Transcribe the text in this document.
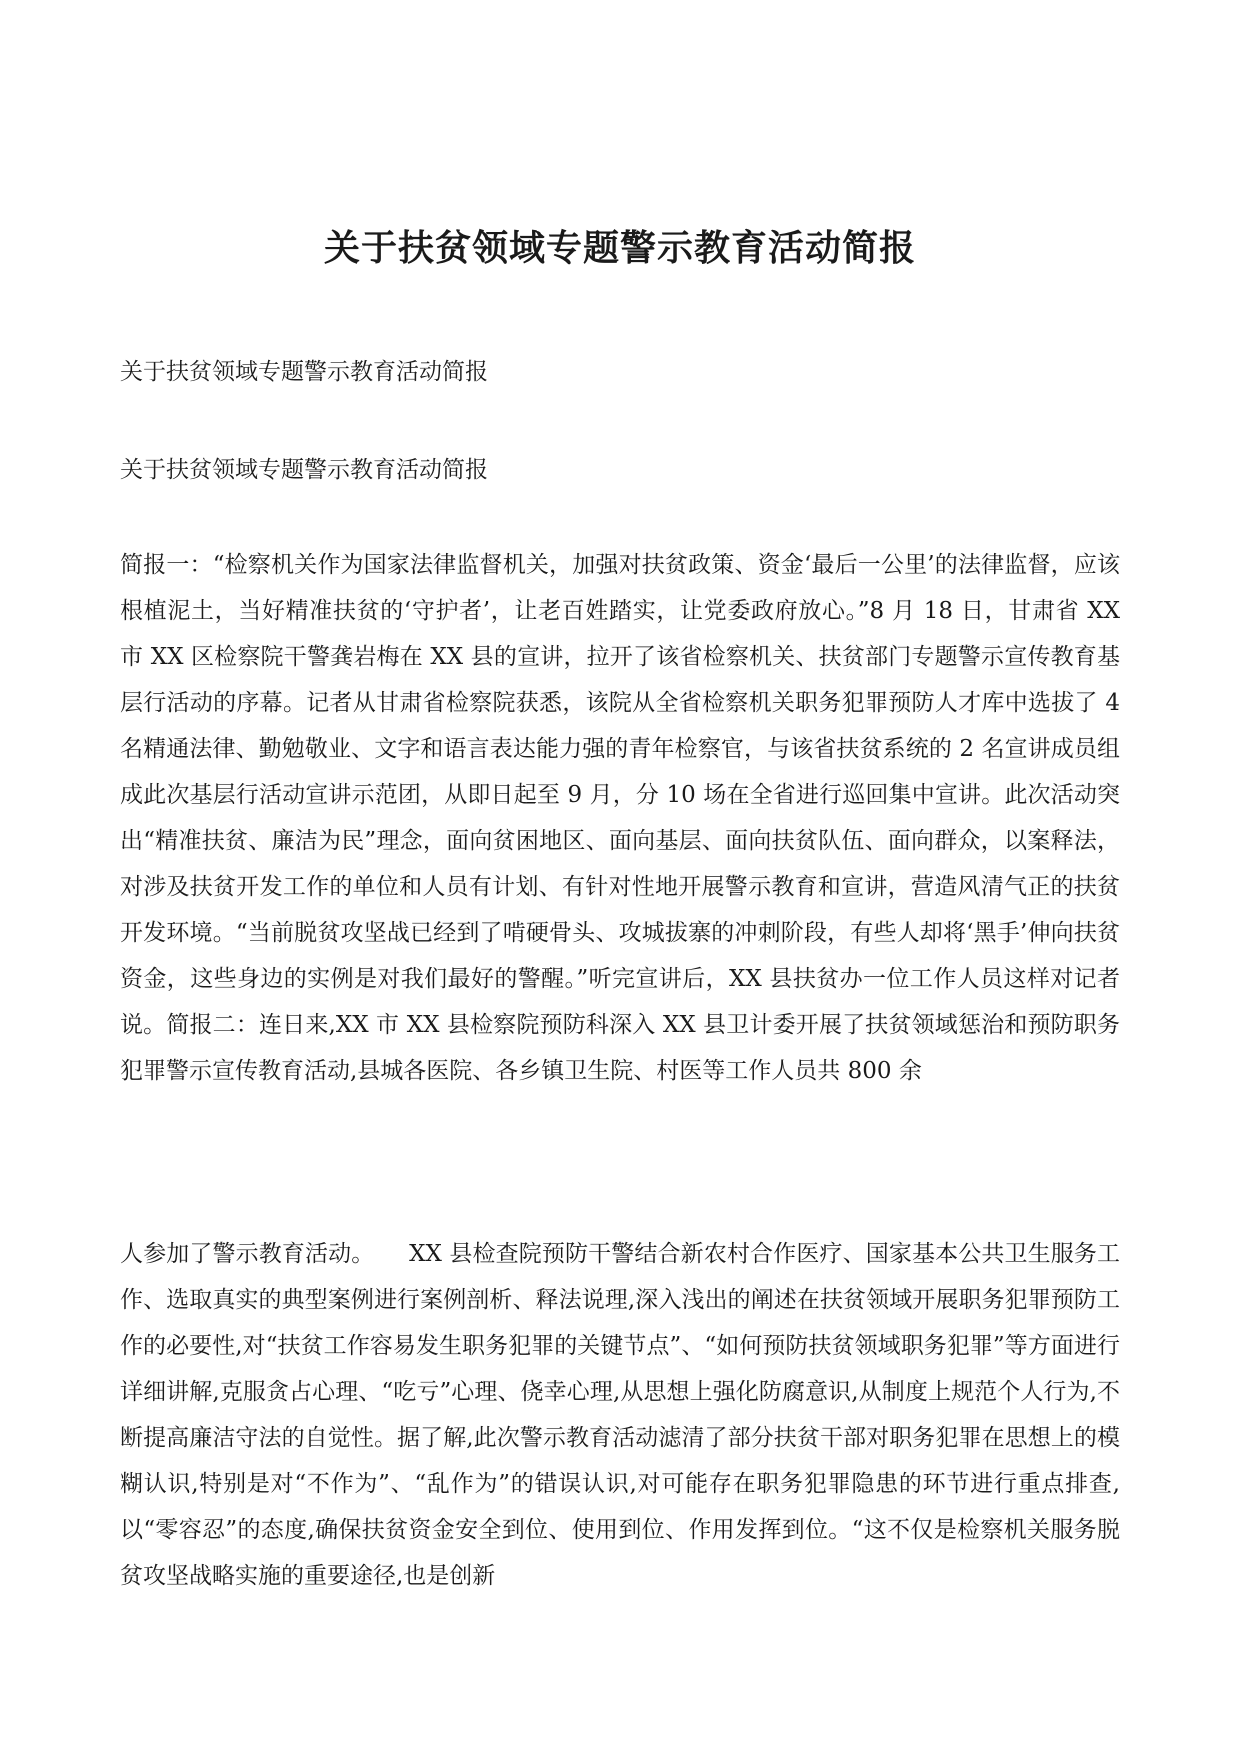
关于扶贫领域专题警示教育活动简报

关于扶贫领域专题警示教育活动简报

关于扶贫领域专题警示教育活动简报

简报一：“检察机关作为国家法律监督机关，加强对扶贫政策、资金‘最后一公里’的法律监督，应该根植泥土，当好精准扶贫的‘守护者’，让老百姓踏实，让党委政府放心。”8 月 18 日，甘肃省 XX 市 XX 区检察院干警龚岩梅在 XX 县的宣讲，拉开了该省检察机关、扶贫部门专题警示宣传教育基层行活动的序幕。记者从甘肃省检察院获悉，该院从全省检察机关职务犯罪预防人才库中选拔了 4 名精通法律、勤勉敬业、文字和语言表达能力强的青年检察官，与该省扶贫系统的 2 名宣讲成员组成此次基层行活动宣讲示范团，从即日起至 9 月，分 10 场在全省进行巡回集中宣讲。此次活动突出“精准扶贫、廉洁为民”理念，面向贫困地区、面向基层、面向扶贫队伍、面向群众，以案释法，对涉及扶贫开发工作的单位和人员有计划、有针对性地开展警示教育和宣讲，营造风清气正的扶贫开发环境。“当前脱贫攻坚战已经到了啃硬骨头、攻城拔寨的冲刺阶段，有些人却将‘黑手’伸向扶贫资金，这些身边的实例是对我们最好的警醒。”听完宣讲后，XX 县扶贫办一位工作人员这样对记者说。简报二：连日来,XX 市 XX 县检察院预防科深入 XX 县卫计委开展了扶贫领域惩治和预防职务犯罪警示宣传教育活动,县城各医院、各乡镇卫生院、村医等工作人员共 800 余

人参加了警示教育活动。　　XX 县检查院预防干警结合新农村合作医疗、国家基本公共卫生服务工作、选取真实的典型案例进行案例剖析、释法说理,深入浅出的阐述在扶贫领域开展职务犯罪预防工作的必要性,对“扶贫工作容易发生职务犯罪的关键节点”、“如何预防扶贫领域职务犯罪”等方面进行详细讲解,克服贪占心理、“吃亏”心理、侥幸心理,从思想上强化防腐意识,从制度上规范个人行为,不断提高廉洁守法的自觉性。据了解,此次警示教育活动滤清了部分扶贫干部对职务犯罪在思想上的模糊认识,特别是对“不作为”、“乱作为”的错误认识,对可能存在职务犯罪隐患的环节进行重点排查,以“零容忍”的态度,确保扶贫资金安全到位、使用到位、作用发挥到位。“这不仅是检察机关服务脱贫攻坚战略实施的重要途径,也是创新
